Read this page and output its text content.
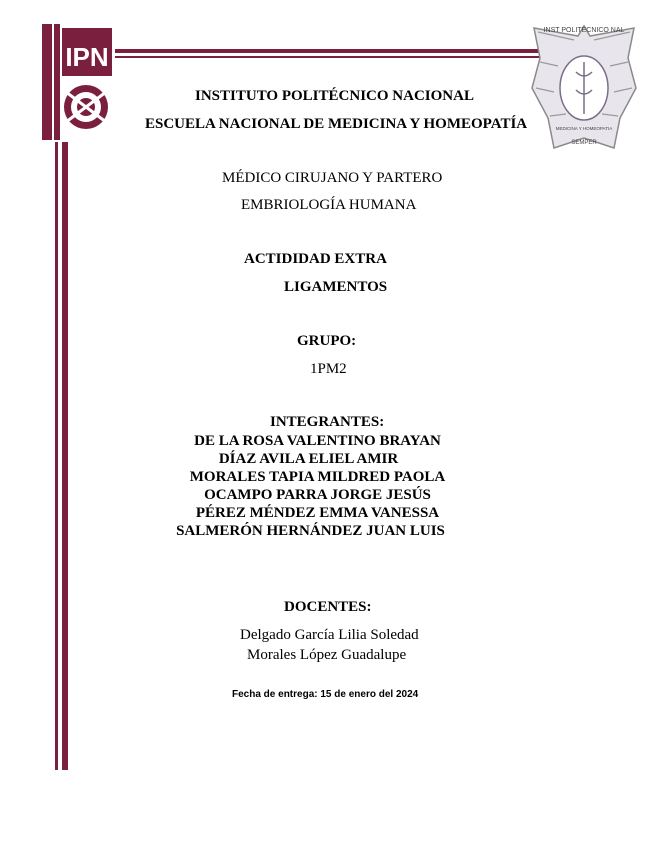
IPN
INST POLITECNICO NAL
MEDICINA Y HOMEOPATIA
SEMPER
INSTITUTO POLITÉCNICO NACIONAL
ESCUELA NACIONAL DE MEDICINA Y HOMEOPATÍA
MÉDICO CIRUJANO Y PARTERO
EMBRIOLOGÍA HUMANA
ACTIDIDAD EXTRA
LIGAMENTOS
GRUPO:
1PM2
INTEGRANTES:
DE LA ROSA VALENTINO BRAYAN
DÍAZ AVILA ELIEL AMIR
MORALES TAPIA MILDRED PAOLA
OCAMPO PARRA JORGE JESÚS
PÉREZ MÉNDEZ EMMA VANESSA
SALMERÓN HERNÁNDEZ JUAN LUIS
DOCENTES:
Delgado García Lilia Soledad
Morales López Guadalupe
Fecha de entrega: 15 de enero del 2024
